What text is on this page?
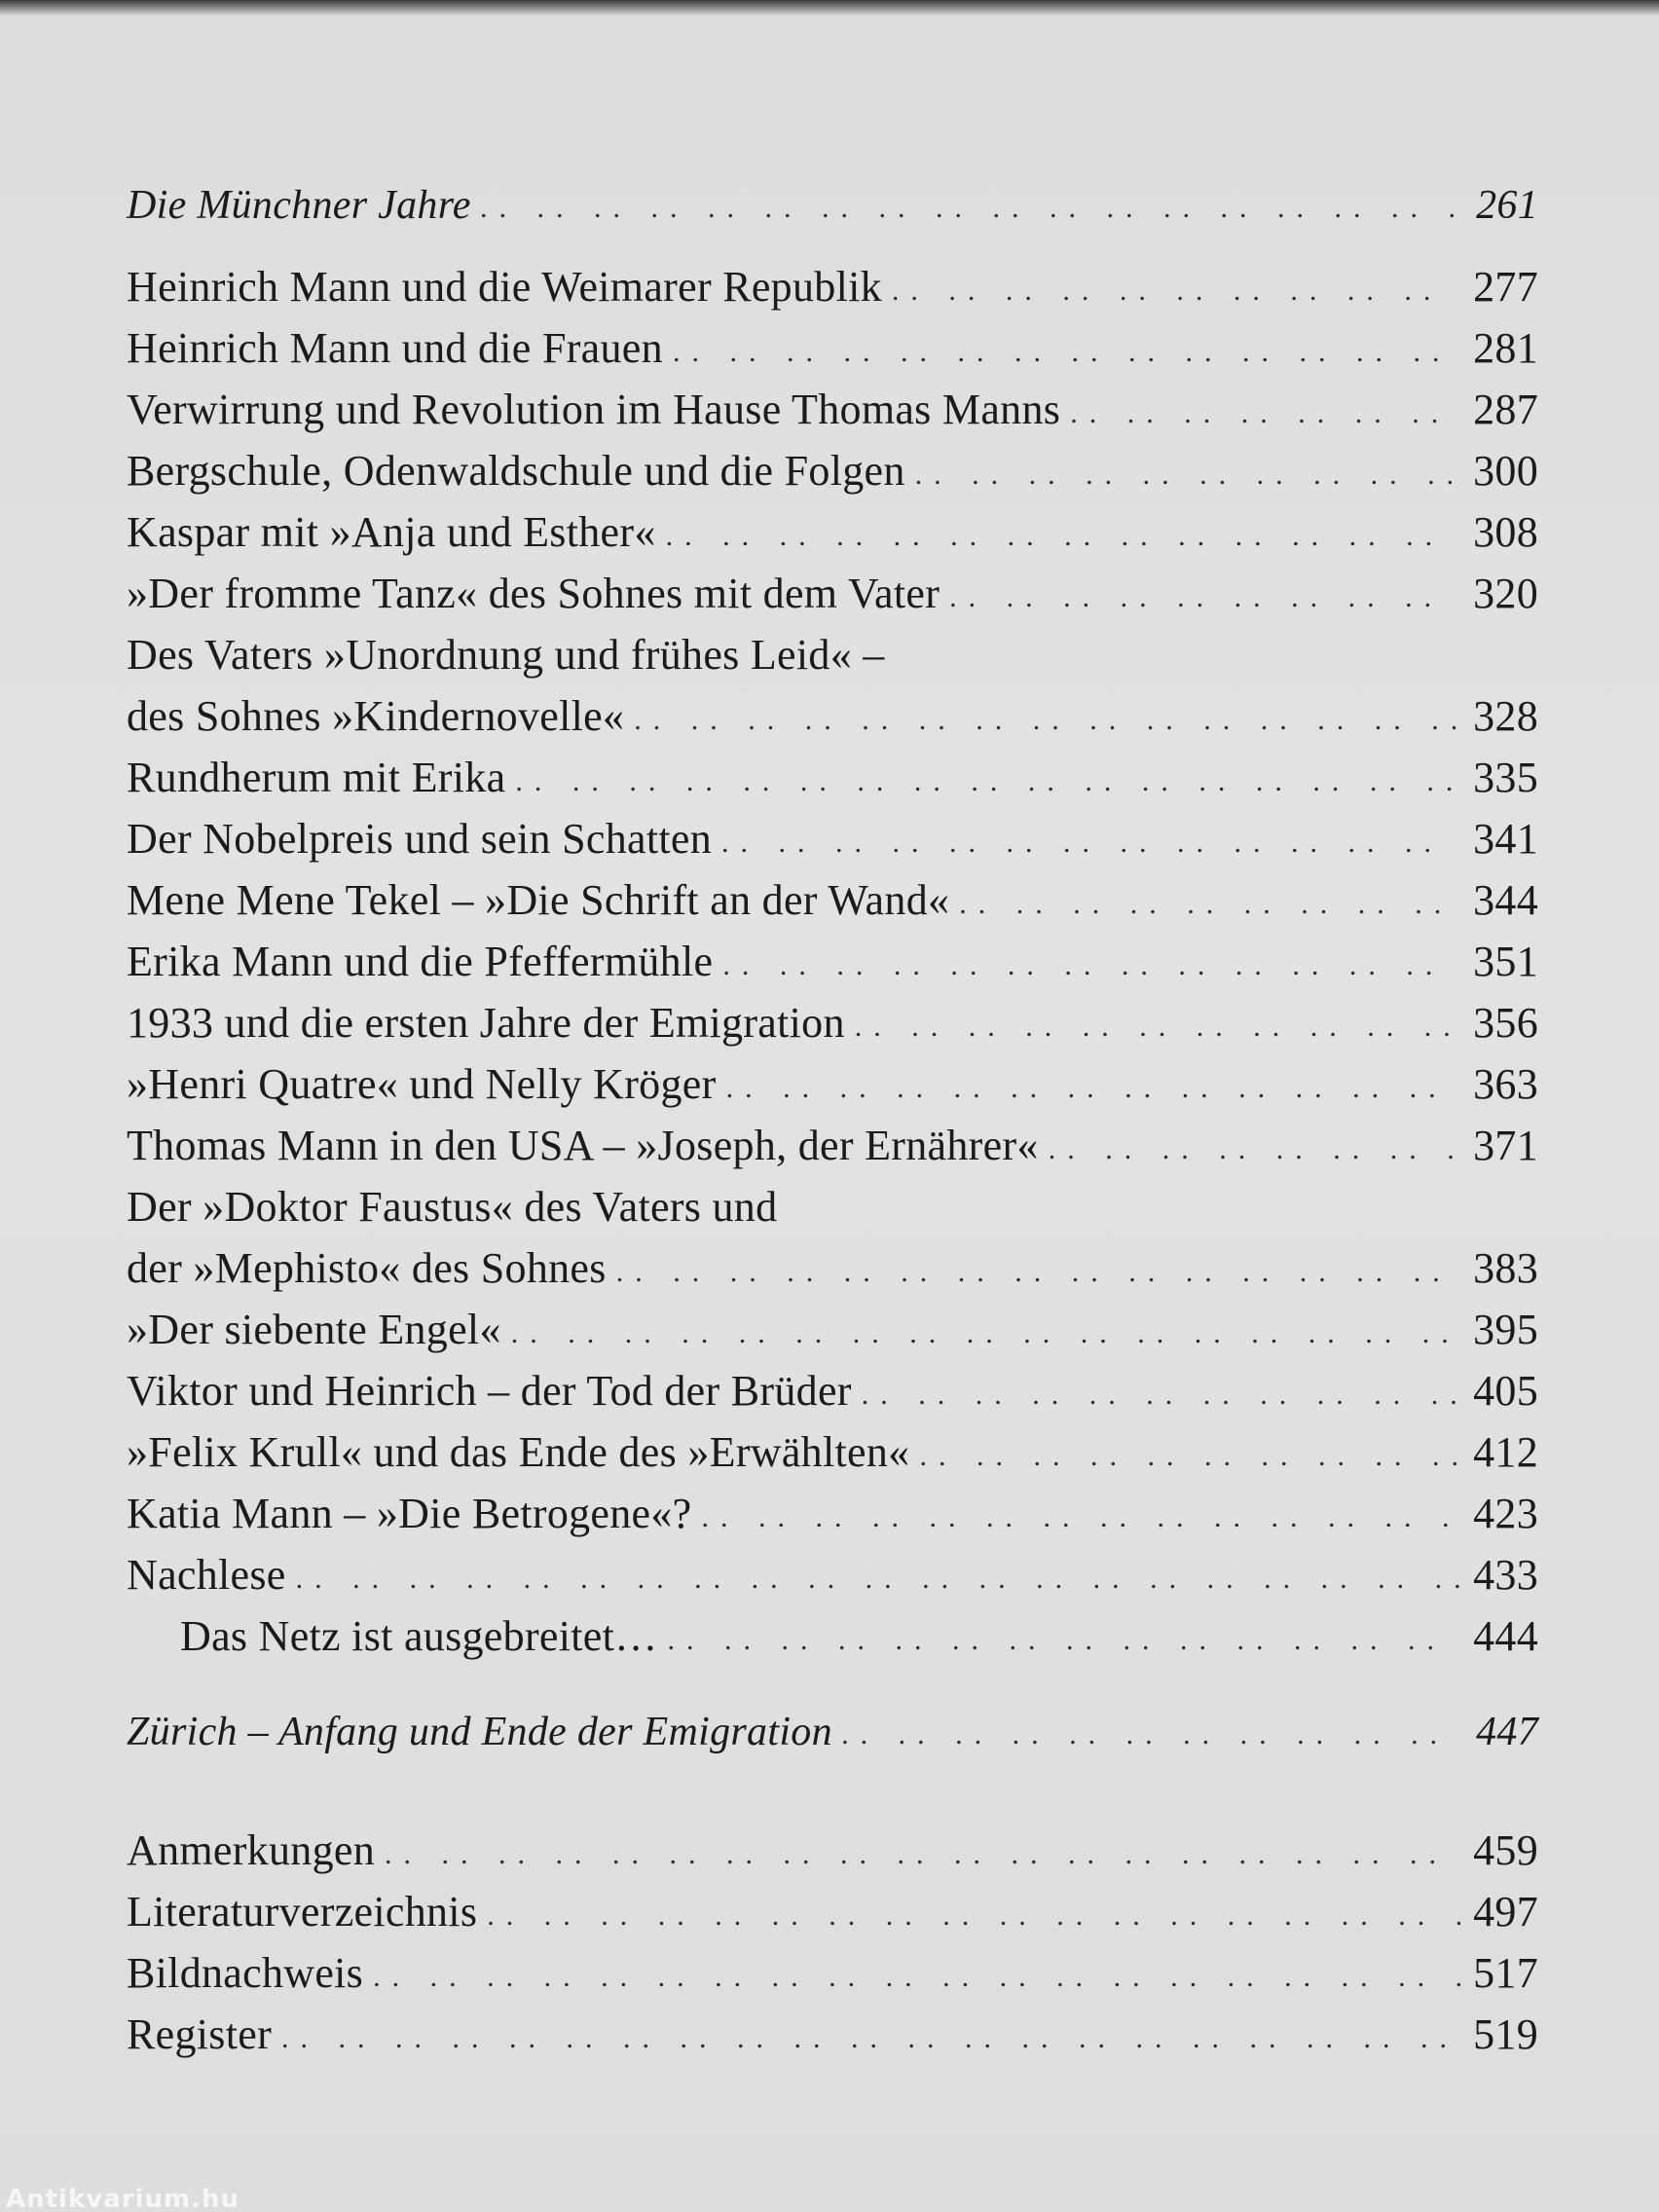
Die Münchner Jahre .. ..	261
Heinrich Mann und die Weimarer Republik .. ..	277
Heinrich Mann und die Frauen .. ..	281
Verwirrung und Revolution im Hause Thomas Manns .. ..	287
Bergschule, Odenwaldschule und die Folgen .. ..	300
Kaspar mit »Anja und Esther« .. ..	308
»Der fromme Tanz« des Sohnes mit dem Vater .. ..	320
Des Vaters »Unordnung und frühes Leid« –
des Sohnes »Kindernovelle« .. ..	328
Rundherum mit Erika .. ..	335
Der Nobelpreis und sein Schatten .. ..	341
Mene Mene Tekel – »Die Schrift an der Wand« .. ..	344
Erika Mann und die Pfeffermühle .. ..	351
1933 und die ersten Jahre der Emigration .. ..	356
»Henri Quatre« und Nelly Kröger .. ..	363
Thomas Mann in den USA – »Joseph, der Ernährer« .. ..	371
Der »Doktor Faustus« des Vaters und
der »Mephisto« des Sohnes .. ..	383
»Der siebente Engel« .. ..	395
Viktor und Heinrich – der Tod der Brüder .. ..	405
»Felix Krull« und das Ende des »Erwählten« .. ..	412
Katia Mann – »Die Betrogene«? .. ..	423
Nachlese .. ..	433
Das Netz ist ausgebreitet… .. ..	444
Zürich – Anfang und Ende der Emigration .. ..	447
Anmerkungen .. ..	459
Literaturverzeichnis .. ..	497
Bildnachweis .. ..	517
Register .. ..	519
Antikvarium.hu
